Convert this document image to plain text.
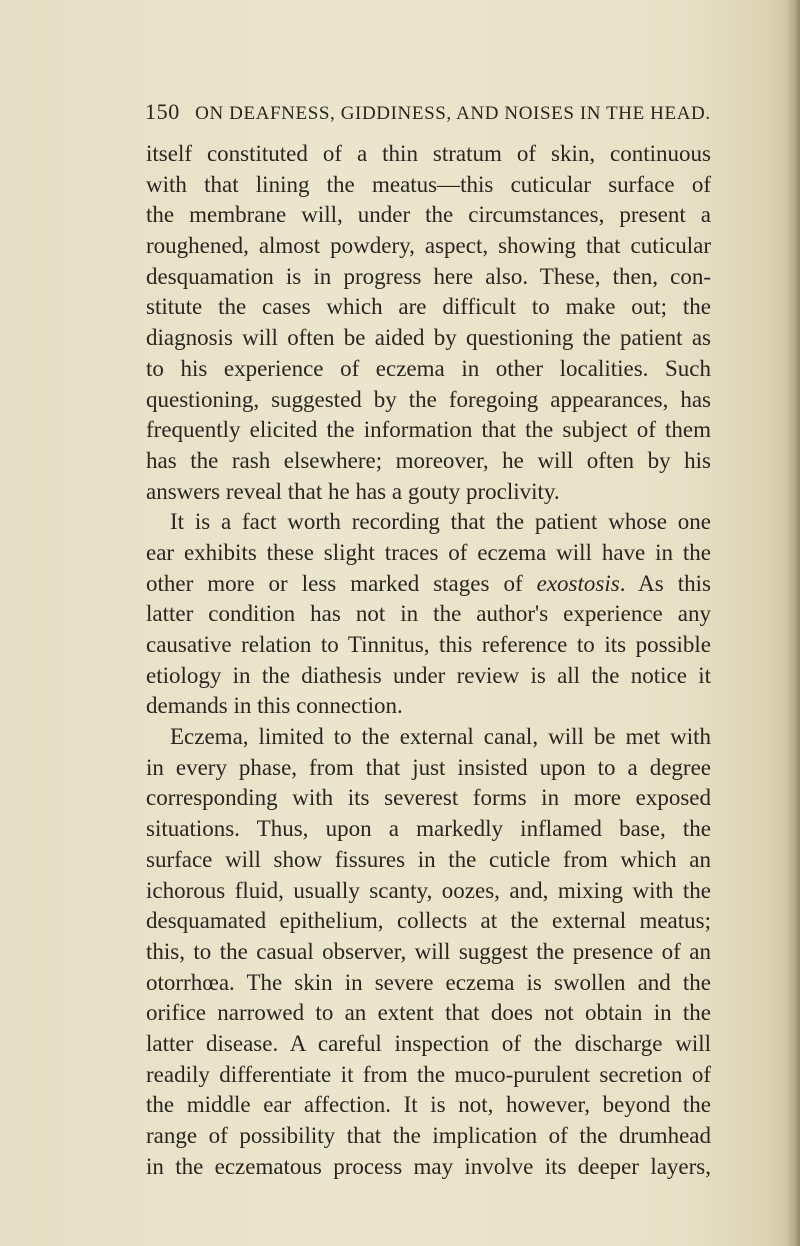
150 ON DEAFNESS, GIDDINESS, AND NOISES IN THE HEAD.
itself constituted of a thin stratum of skin, continuous
with that lining the meatus—this cuticular surface of
the membrane will, under the circumstances, present a
roughened, almost powdery, aspect, showing that cuticular
desquamation is in progress here also. These, then, con-
stitute the cases which are difficult to make out; the
diagnosis will often be aided by questioning the patient as
to his experience of eczema in other localities. Such
questioning, suggested by the foregoing appearances, has
frequently elicited the information that the subject of them
has the rash elsewhere; moreover, he will often by his
answers reveal that he has a gouty proclivity.
It is a fact worth recording that the patient whose one
ear exhibits these slight traces of eczema will have in the
other more or less marked stages of exostosis. As this
latter condition has not in the author's experience any
causative relation to Tinnitus, this reference to its possible
etiology in the diathesis under review is all the notice it
demands in this connection.
Eczema, limited to the external canal, will be met with
in every phase, from that just insisted upon to a degree
corresponding with its severest forms in more exposed
situations. Thus, upon a markedly inflamed base, the
surface will show fissures in the cuticle from which an
ichorous fluid, usually scanty, oozes, and, mixing with the
desquamated epithelium, collects at the external meatus;
this, to the casual observer, will suggest the presence of an
otorrhœa. The skin in severe eczema is swollen and the
orifice narrowed to an extent that does not obtain in the
latter disease. A careful inspection of the discharge will
readily differentiate it from the muco-purulent secretion of
the middle ear affection. It is not, however, beyond the
range of possibility that the implication of the drumhead
in the eczematous process may involve its deeper layers,
